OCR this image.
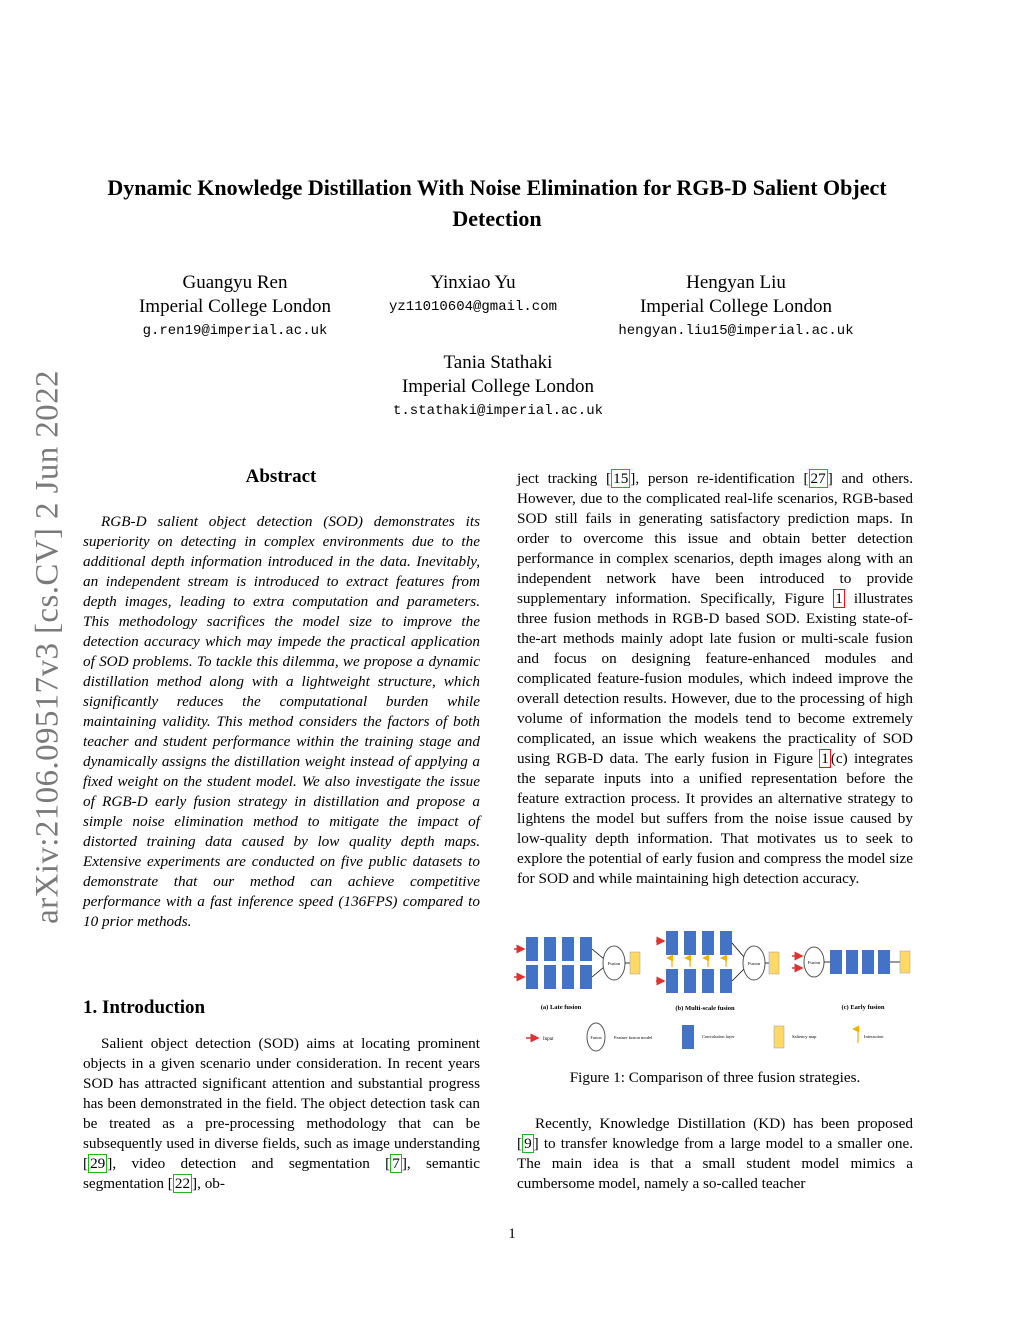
arXiv:2106.09517v3 [cs.CV] 2 Jun 2022
Dynamic Knowledge Distillation With Noise Elimination for RGB-D Salient Object Detection
Guangyu Ren
Imperial College London
g.ren19@imperial.ac.uk
Yinxiao Yu
yz11010604@gmail.com
Hengyan Liu
Imperial College London
hengyan.liu15@imperial.ac.uk
Tania Stathaki
Imperial College London
t.stathaki@imperial.ac.uk
Abstract
RGB-D salient object detection (SOD) demonstrates its superiority on detecting in complex environments due to the additional depth information introduced in the data. Inevitably, an independent stream is introduced to extract features from depth images, leading to extra computation and parameters. This methodology sacrifices the model size to improve the detection accuracy which may impede the practical application of SOD problems. To tackle this dilemma, we propose a dynamic distillation method along with a lightweight structure, which significantly reduces the computational burden while maintaining validity. This method considers the factors of both teacher and student performance within the training stage and dynamically assigns the distillation weight instead of applying a fixed weight on the student model. We also investigate the issue of RGB-D early fusion strategy in distillation and propose a simple noise elimination method to mitigate the impact of distorted training data caused by low quality depth maps. Extensive experiments are conducted on five public datasets to demonstrate that our method can achieve competitive performance with a fast inference speed (136FPS) compared to 10 prior methods.
1. Introduction

Salient object detection (SOD) aims at locating prominent objects in a given scenario under consideration. In recent years SOD has attracted significant attention and substantial progress has been demonstrated in the field. The object detection task can be treated as a pre-processing methodology that can be subsequently used in diverse fields, such as image understanding [ 29 ], video detection and segmentation [ 7 ], semantic segmentation [ 22 ], ob-

ject tracking [ 15 ], person re-identification [ 27 ] and others. However, due to the complicated real-life scenarios, RGB-based SOD still fails in generating satisfactory prediction maps. In order to overcome this issue and obtain better detection performance in complex scenarios, depth images along with an independent network have been introduced to provide supplementary information. Specifically, Figure 1 illustrates three fusion methods in RGB-D based SOD. Existing state-of-the-art methods mainly adopt late fusion or multi-scale fusion and focus on designing feature-enhanced modules and complicated feature-fusion modules, which indeed improve the overall detection results. However, due to the processing of high volume of information the models tend to become extremely complicated, an issue which weakens the practicality of SOD using RGB-D data. The early fusion in Figure 1 (c) integrates the separate inputs into a unified representation before the feature extraction process. It provides an alternative strategy to lightens the model but suffers from the noise issue caused by low-quality depth information. That motivates us to seek to explore the potential of early fusion and compress the model size for SOD and while maintaining high detection accuracy.

Fusion
(a) Late fusion
Fusion
(b) Multi-scale fusion
Fusion
(c) Early fusion
Input	Fusion	Feature fusion model	Convolution layer	Saliency map	Interaction
Figure 1: Comparison of three fusion strategies.

Recently, Knowledge Distillation (KD) has been proposed [ 9 ] to transfer knowledge from a large model to a smaller one. The main idea is that a small student model mimics a cumbersome model, namely a so-called teacher

1
